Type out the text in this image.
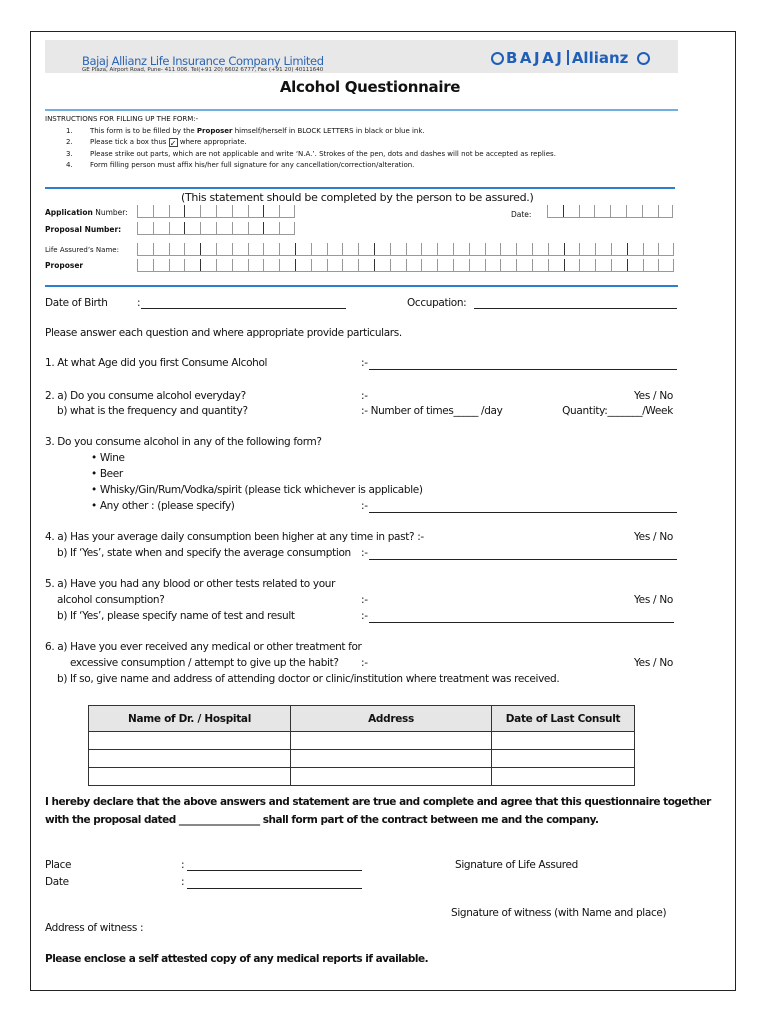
Bajaj Allianz Life Insurance Company Limited
GE Plaza, Airport Road, Pune- 411 006. Tel(+91 20) 6602 6777, Fax (+91 20) 40111640
BAJAJ Allianz
Alcohol Questionnaire
INSTRUCTIONS FOR FILLING UP THE FORM:-
1. This form is to be filled by the Proposer himself/herself in BLOCK LETTERS in black or blue ink.
2. Please tick a box thus ✓ where appropriate.
3. Please strike out parts, which are not applicable and write ‘N.A.’. Strokes of the pen, dots and dashes will not be accepted as replies.
4. Form filling person must affix his/her full signature for any cancellation/correction/alteration.
(This statement should be completed by the person to be assured.)
Application Number:	Date:
Proposal Number:
Life Assured’s Name:
Proposer
Date of Birth	:	Occupation:
Please answer each question and where appropriate provide particulars.
1. At what Age did you first Consume Alcohol	:-
2. a) Do you consume alcohol everyday?	:-	Yes / No
b) what is the frequency and quantity?	:- Number of times_____ /day	Quantity:_______/Week
3. Do you consume alcohol in any of the following form?
• Wine
• Beer
• Whisky/Gin/Rum/Vodka/spirit (please tick whichever is applicable)
• Any other : (please specify)	:-
4. a) Has your average daily consumption been higher at any time in past? :-	Yes / No
b) If ‘Yes’, state when and specify the average consumption :-
5. a) Have you had any blood or other tests related to your
alcohol consumption?	:-	Yes / No
b) If ‘Yes’, please specify name of test and result	:-
6. a) Have you ever received any medical or other treatment for
excessive consumption / attempt to give up the habit? :-	Yes / No
b) If so, give name and address of attending doctor or clinic/institution where treatment was received.
Name of Dr. / Hospital	Address	Date of Last Consult

I hereby declare that the above answers and statement are true and complete and agree that this questionnaire together
with the proposal dated _________________ shall form part of the contract between me and the company.
Place	:	Signature of Life Assured
Date	:
Signature of witness (with Name and place)
Address of witness :
Please enclose a self attested copy of any medical reports if available.
